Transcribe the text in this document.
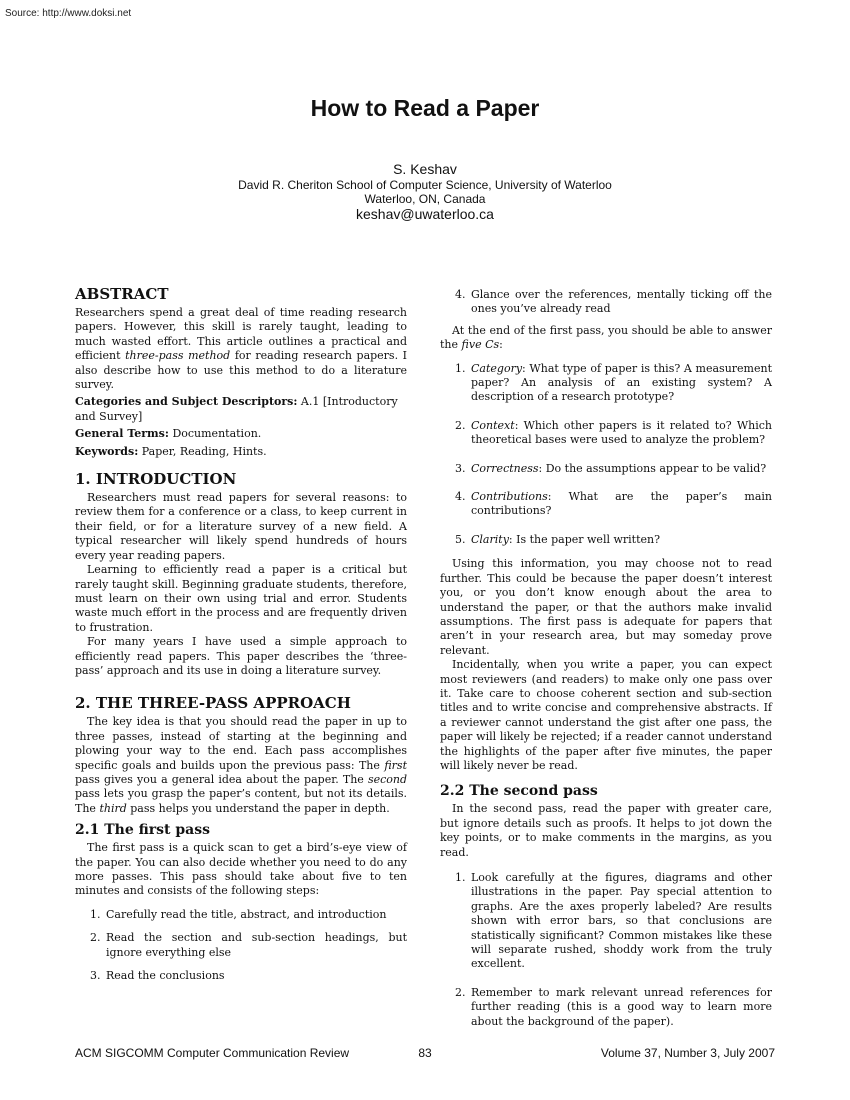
Source: http://www.doksi.net
How to Read a Paper
S. Keshav
David R. Cheriton School of Computer Science, University of Waterloo
Waterloo, ON, Canada
keshav@uwaterloo.ca
ABSTRACT

Researchers spend a great deal of time reading research papers. However, this skill is rarely taught, leading to much wasted effort. This article outlines a practical and efficient three-pass method for reading research papers. I also describe how to use this method to do a literature survey.

Categories and Subject Descriptors: A.1 [Introductory and Survey]

General Terms: Documentation.

Keywords: Paper, Reading, Hints.

1. INTRODUCTION

Researchers must read papers for several reasons: to review them for a conference or a class, to keep current in their field, or for a literature survey of a new field. A typical researcher will likely spend hundreds of hours every year reading papers.

Learning to efficiently read a paper is a critical but rarely taught skill. Beginning graduate students, therefore, must learn on their own using trial and error. Students waste much effort in the process and are frequently driven to frustration.

For many years I have used a simple approach to efficiently read papers. This paper describes the ‘three-pass’ approach and its use in doing a literature survey.

2. THE THREE-PASS APPROACH

The key idea is that you should read the paper in up to three passes, instead of starting at the beginning and plowing your way to the end. Each pass accomplishes specific goals and builds upon the previous pass: The first pass gives you a general idea about the paper. The second pass lets you grasp the paper’s content, but not its details. The third pass helps you understand the paper in depth.

2.1 The first pass

The first pass is a quick scan to get a bird’s-eye view of the paper. You can also decide whether you need to do any more passes. This pass should take about five to ten minutes and consists of the following steps:

1. Carefully read the title, abstract, and introduction
2. Read the section and sub-section headings, but ignore everything else
3. Read the conclusions
4. Glance over the references, mentally ticking off the ones you’ve already read

At the end of the first pass, you should be able to answer the five Cs:

1. Category: What type of paper is this? A measurement paper? An analysis of an existing system? A description of a research prototype?
2. Context: Which other papers is it related to? Which theoretical bases were used to analyze the problem?
3. Correctness: Do the assumptions appear to be valid?
4. Contributions: What are the paper’s main contributions?
5. Clarity: Is the paper well written?

Using this information, you may choose not to read further. This could be because the paper doesn’t interest you, or you don’t know enough about the area to understand the paper, or that the authors make invalid assumptions. The first pass is adequate for papers that aren’t in your research area, but may someday prove relevant.

Incidentally, when you write a paper, you can expect most reviewers (and readers) to make only one pass over it. Take care to choose coherent section and sub-section titles and to write concise and comprehensive abstracts. If a reviewer cannot understand the gist after one pass, the paper will likely be rejected; if a reader cannot understand the highlights of the paper after five minutes, the paper will likely never be read.

2.2 The second pass

In the second pass, read the paper with greater care, but ignore details such as proofs. It helps to jot down the key points, or to make comments in the margins, as you read.

1. Look carefully at the figures, diagrams and other illustrations in the paper. Pay special attention to graphs. Are the axes properly labeled? Are results shown with error bars, so that conclusions are statistically significant? Common mistakes like these will separate rushed, shoddy work from the truly excellent.
2. Remember to mark relevant unread references for further reading (this is a good way to learn more about the background of the paper).
ACM SIGCOMM Computer Communication Review	83	Volume 37, Number 3, July 2007
